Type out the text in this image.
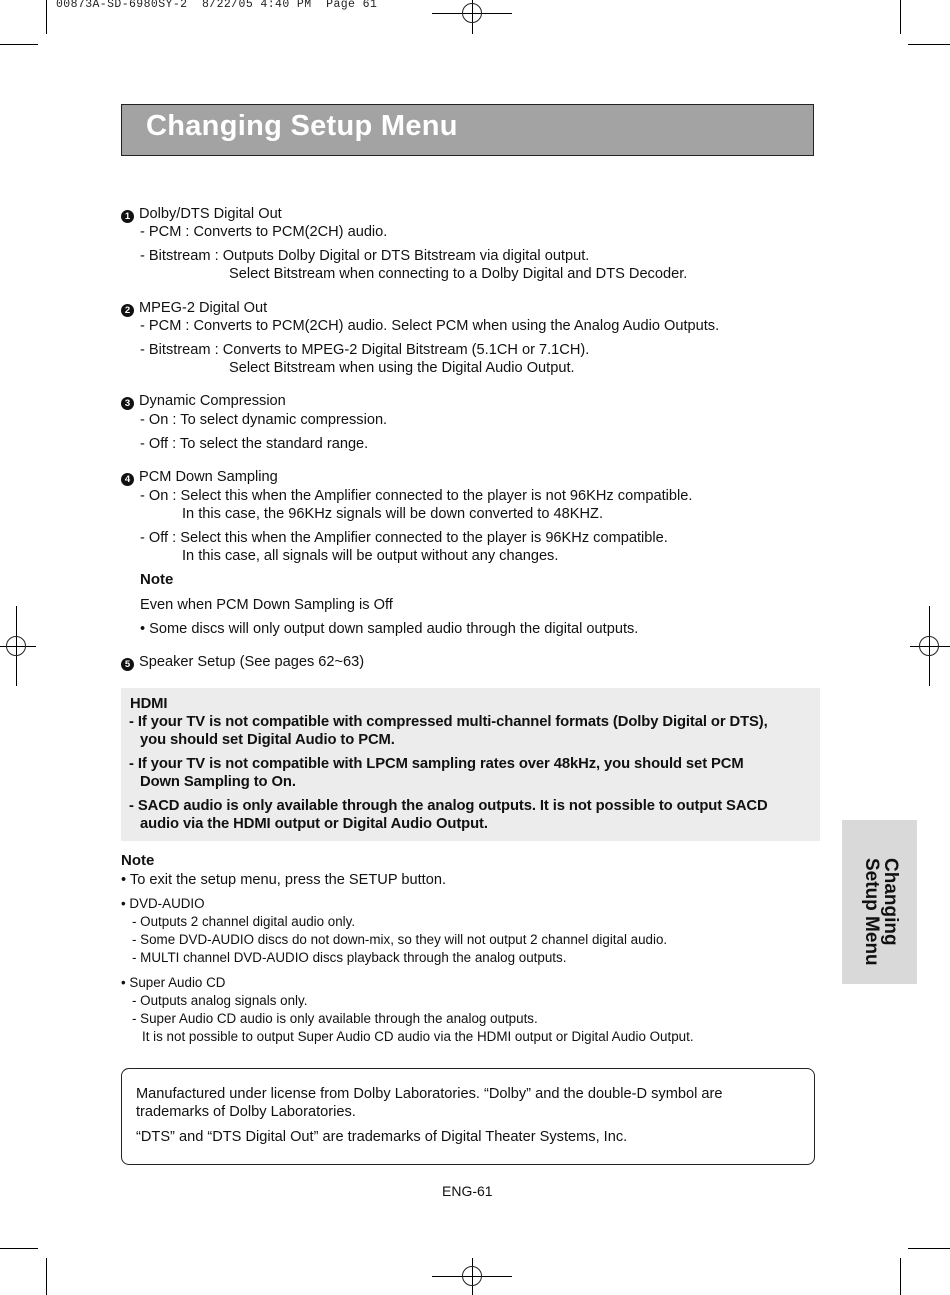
00873A-SD-6980SY-2  8/22/05 4:40 PM  Page 61
Changing Setup Menu
1 Dolby/DTS Digital Out
- PCM : Converts to PCM(2CH) audio.
- Bitstream : Outputs Dolby Digital or DTS Bitstream via digital output.
Select Bitstream when connecting to a Dolby Digital and DTS Decoder.
2 MPEG-2 Digital Out
- PCM : Converts to PCM(2CH) audio. Select PCM when using the Analog Audio Outputs.
- Bitstream : Converts to MPEG-2 Digital Bitstream (5.1CH or 7.1CH).
Select Bitstream when using the Digital Audio Output.
3 Dynamic Compression
- On : To select dynamic compression.
- Off : To select the standard range.
4 PCM Down Sampling
- On : Select this when the Amplifier connected to the player is not 96KHz compatible.
In this case, the 96KHz signals will be down converted to 48KHZ.
- Off : Select this when the Amplifier connected to the player is 96KHz compatible.
In this case, all signals will be output without any changes.
Note
Even when PCM Down Sampling is Off
• Some discs will only output down sampled audio through the digital outputs.
5 Speaker Setup (See pages 62~63)
HDMI
- If your TV is not compatible with compressed multi-channel formats (Dolby Digital or DTS),
you should set Digital Audio to PCM.
- If your TV is not compatible with LPCM sampling rates over 48kHz, you should set PCM
Down Sampling to On.
- SACD audio is only available through the analog outputs. It is not possible to output SACD
audio via the HDMI output or Digital Audio Output.
Note
• To exit the setup menu, press the SETUP button.
• DVD-AUDIO
- Outputs 2 channel digital audio only.
- Some DVD-AUDIO discs do not down-mix, so they will not output 2 channel digital audio.
- MULTI channel DVD-AUDIO discs playback through the analog outputs.
• Super Audio CD
- Outputs analog signals only.
- Super Audio CD audio is only available through the analog outputs.
It is not possible to output Super Audio CD audio via the HDMI output or Digital Audio Output.
Manufactured under license from Dolby Laboratories. “Dolby” and the double-D symbol are
trademarks of Dolby Laboratories.
“DTS” and “DTS Digital Out” are trademarks of Digital Theater Systems, Inc.
Changing
Setup Menu
ENG-61
